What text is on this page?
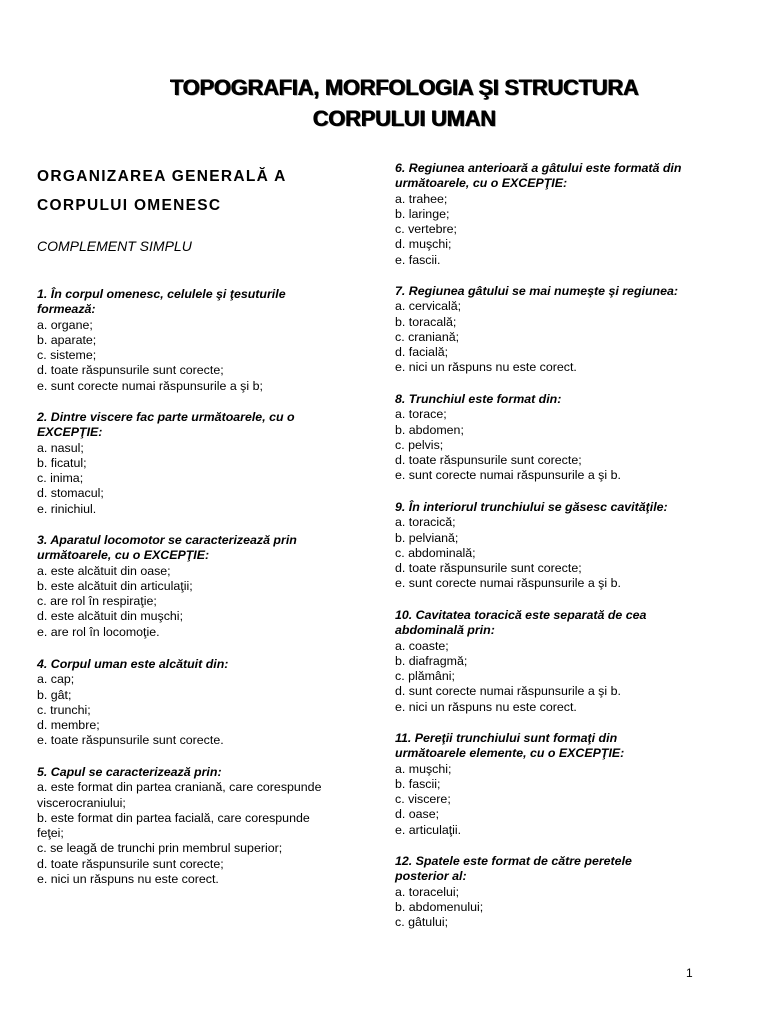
TOPOGRAFIA, MORFOLOGIA ŞI STRUCTURA
CORPULUI UMAN
ORGANIZAREA GENERALĂ A
CORPULUI OMENESC
COMPLEMENT SIMPLU
1. În corpul omenesc, celulele şi ţesuturile
formează:
a. organe;
b. aparate;
c. sisteme;
d. toate răspunsurile sunt corecte;
e. sunt corecte numai răspunsurile a şi b;
2. Dintre viscere fac parte următoarele, cu o
EXCEPŢIE:
a. nasul;
b. ficatul;
c. inima;
d. stomacul;
e. rinichiul.
3. Aparatul locomotor se caracterizează prin
următoarele, cu o EXCEPŢIE:
a. este alcătuit din oase;
b. este alcătuit din articulaţii;
c. are rol în respiraţie;
d. este alcătuit din muşchi;
e. are rol în locomoţie.
4. Corpul uman este alcătuit din:
a. cap;
b. gât;
c. trunchi;
d. membre;
e. toate răspunsurile sunt corecte.
5. Capul se caracterizează prin:
a. este format din partea craniană, care corespunde
viscerocraniului;
b. este format din partea facială, care corespunde
feţei;
c. se leagă de trunchi prin membrul superior;
d. toate răspunsurile sunt corecte;
e. nici un răspuns nu este corect.
6. Regiunea anterioară a gâtului este formată din
următoarele, cu o EXCEPŢIE:
a. trahee;
b. laringe;
c. vertebre;
d. muşchi;
e. fascii.
7. Regiunea gâtului se mai numeşte şi regiunea:
a. cervicală;
b. toracală;
c. craniană;
d. facială;
e. nici un răspuns nu este corect.
8. Trunchiul este format din:
a. torace;
b. abdomen;
c. pelvis;
d. toate răspunsurile sunt corecte;
e. sunt corecte numai răspunsurile a şi b.
9. În interiorul trunchiului se găsesc cavităţile:
a. toracică;
b. pelviană;
c. abdominală;
d. toate răspunsurile sunt corecte;
e. sunt corecte numai răspunsurile a şi b.
10. Cavitatea toracică este separată de cea
abdominală prin:
a. coaste;
b. diafragmă;
c. plămâni;
d. sunt corecte numai răspunsurile a şi b.
e. nici un răspuns nu este corect.
11. Pereţii trunchiului sunt formaţi din
următoarele elemente, cu o EXCEPŢIE:
a. muşchi;
b. fascii;
c. viscere;
d. oase;
e. articulaţii.
12. Spatele este format de către peretele
posterior al:
a. toracelui;
b. abdomenului;
c. gâtului;
1
